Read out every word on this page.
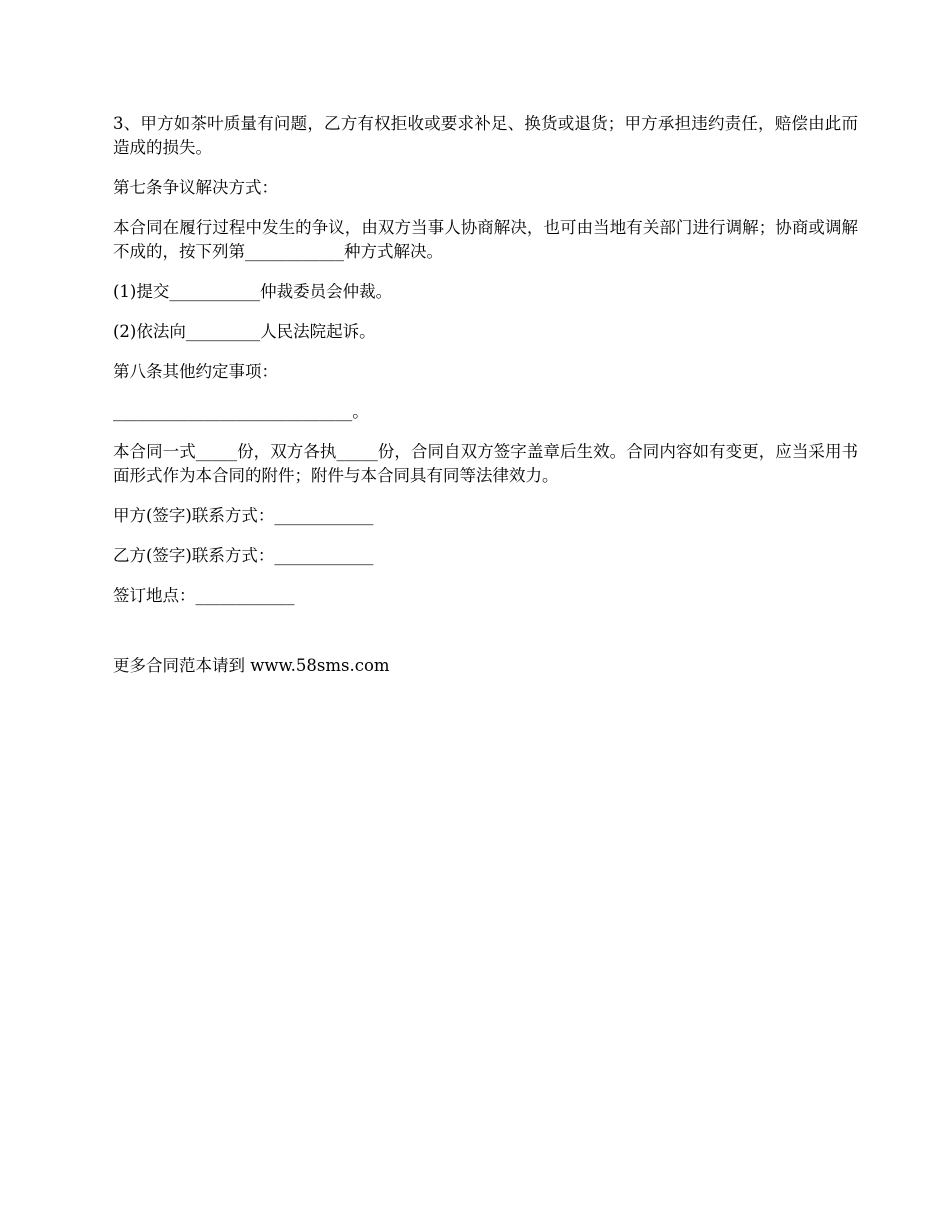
3、甲方如茶叶质量有问题，乙方有权拒收或要求补足、换货或退货；甲方承担违约责任，赔偿由此而造成的损失。

第七条争议解决方式：

本合同在履行过程中发生的争议，由双方当事人协商解决，也可由当地有关部门进行调解；协商或调解不成的，按下列第____________种方式解决。

(1)提交___________仲裁委员会仲裁。

(2)依法向_________人民法院起诉。

第八条其他约定事项：

_____________________________。

本合同一式_____份，双方各执_____份，合同自双方签字盖章后生效。合同内容如有变更，应当采用书面形式作为本合同的附件；附件与本合同具有同等法律效力。

甲方(签字)联系方式：____________

乙方(签字)联系方式：____________

签订地点：____________

更多合同范本请到 www.58sms.com
